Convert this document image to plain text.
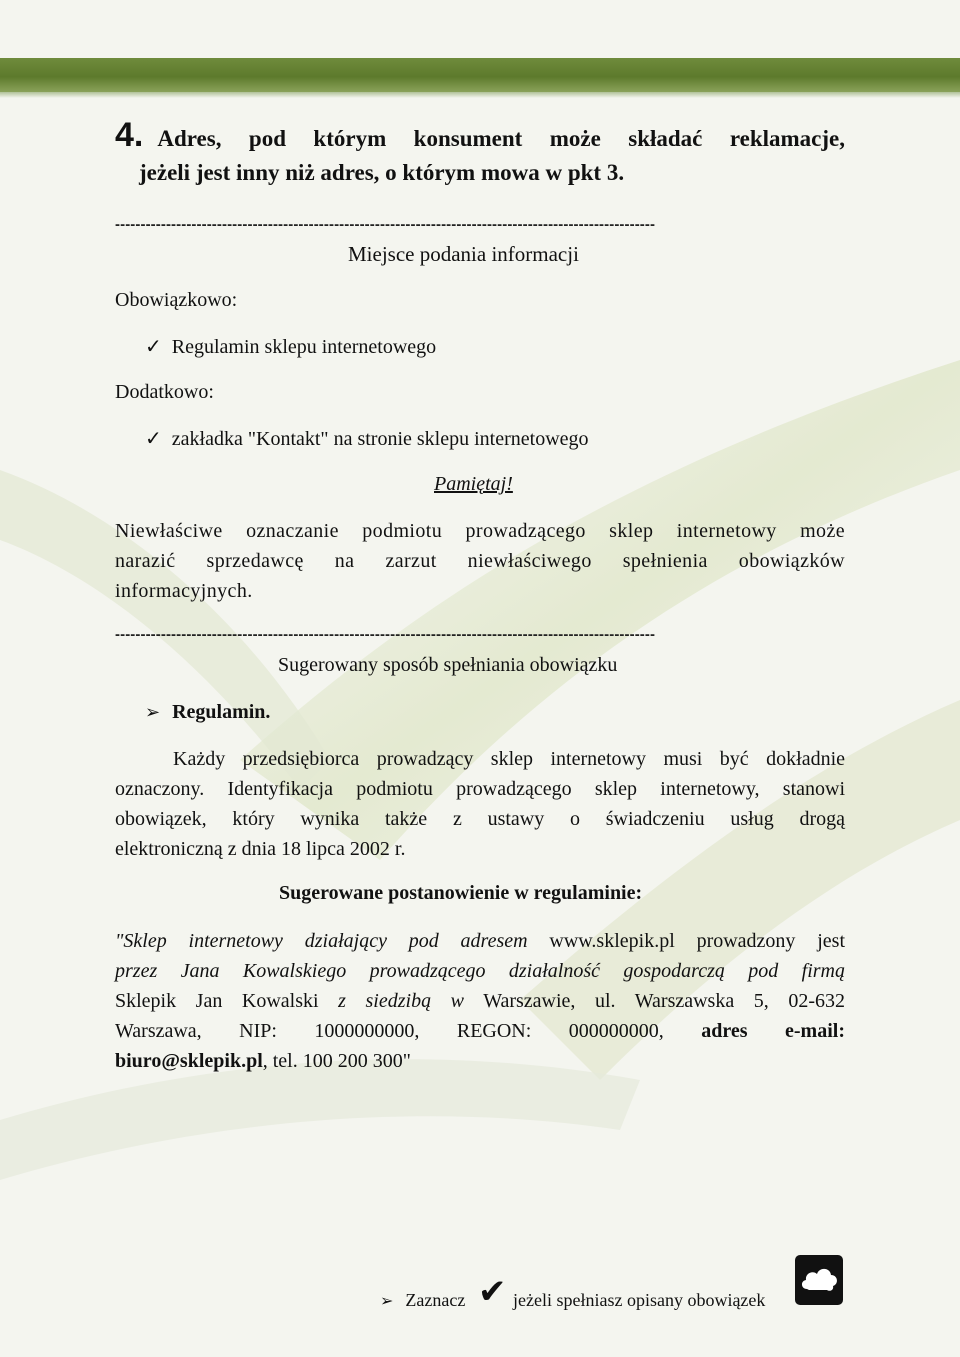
4. Adres, pod którym konsument może składać reklamacje,
jeżeli jest inny niż adres, o którym mowa w pkt 3.
----------------------------------------------------------------------------------------------------------
Miejsce podania informacji
Obowiązkowo:
✓ Regulamin sklepu internetowego
Dodatkowo:
✓ zakładka "Kontakt" na stronie sklepu internetowego
Pamiętaj!
Niewłaściwe oznaczanie podmiotu prowadzącego sklep internetowy może
narazić sprzedawcę na zarzut niewłaściwego spełnienia obowiązków
informacyjnych.
----------------------------------------------------------------------------------------------------------
Sugerowany sposób spełniania obowiązku
➢ Regulamin.
Każdy przedsiębiorca prowadzący sklep internetowy musi być dokładnie
oznaczony. Identyfikacja podmiotu prowadzącego sklep internetowy, stanowi
obowiązek, który wynika także z ustawy o świadczeniu usług drogą
elektroniczną z dnia 18 lipca 2002 r.
Sugerowane postanowienie w regulaminie:
"Sklep internetowy działający pod adresem www.sklepik.pl prowadzony jest
przez Jana Kowalskiego prowadzącego działalność gospodarczą pod firmą
Sklepik Jan Kowalski z siedzibą w Warszawie, ul. Warszawska 5, 02-632
Warszawa, NIP: 1000000000, REGON: 000000000, adres e-mail:
biuro@sklepik.pl, tel. 100 200 300"
➢ Zaznacz ✔ jeżeli spełniasz opisany obowiązek
